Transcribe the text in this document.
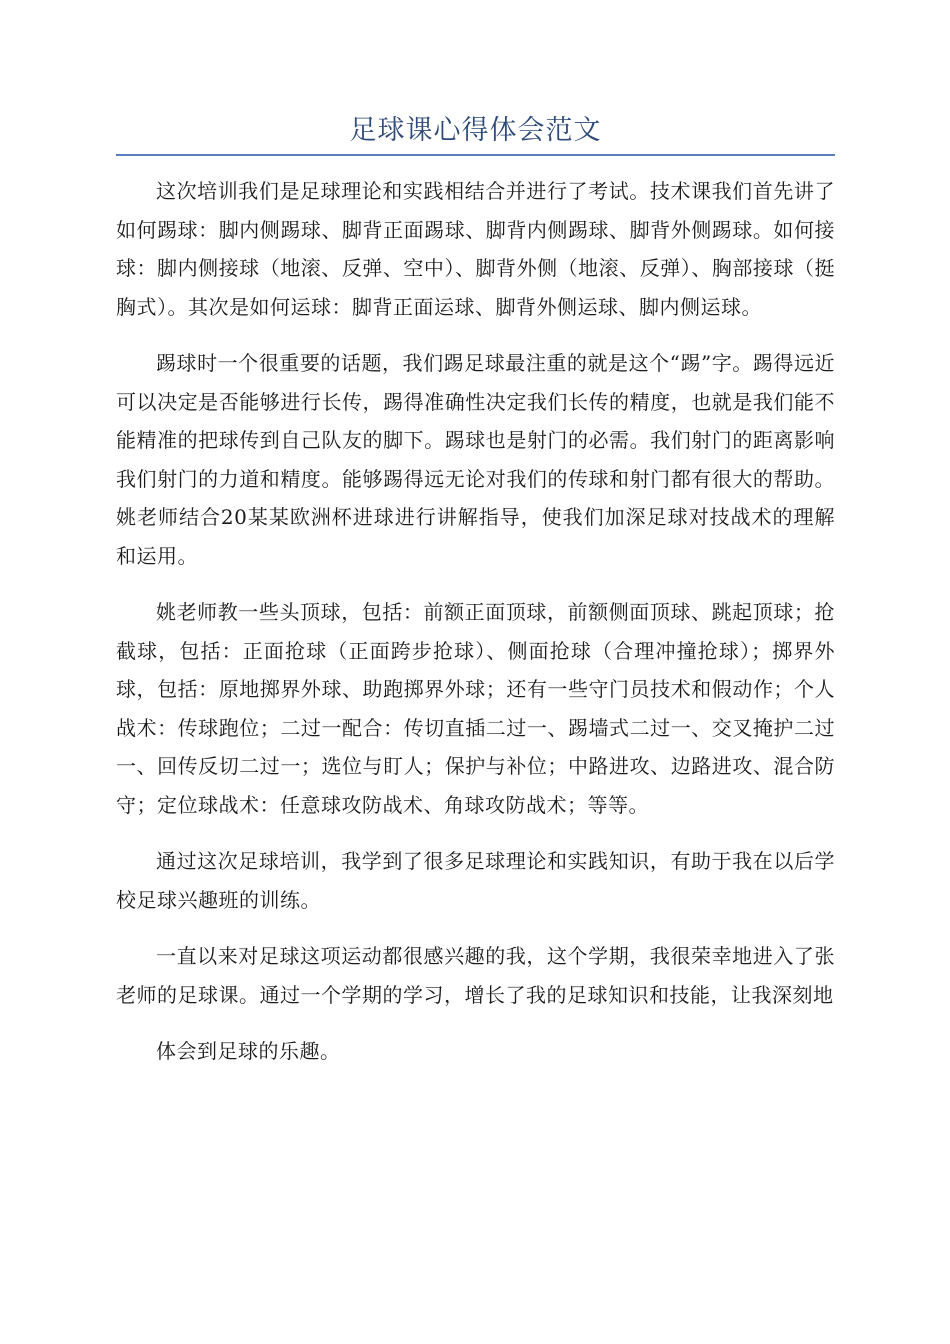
足球课心得体会范文

这次培训我们是足球理论和实践相结合并进行了考试。技术课我们首先讲了如何踢球：脚内侧踢球、脚背正面踢球、脚背内侧踢球、脚背外侧踢球。如何接球：脚内侧接球（地滚、反弹、空中）、脚背外侧（地滚、反弹）、胸部接球（挺胸式）。其次是如何运球：脚背正面运球、脚背外侧运球、脚内侧运球。

踢球时一个很重要的话题，我们踢足球最注重的就是这个“踢”字。踢得远近可以决定是否能够进行长传，踢得准确性决定我们长传的精度，也就是我们能不能精准的把球传到自己队友的脚下。踢球也是射门的必需。我们射门的距离影响我们射门的力道和精度。能够踢得远无论对我们的传球和射门都有很大的帮助。姚老师结合20某某欧洲杯进球进行讲解指导，使我们加深足球对技战术的理解和运用。

姚老师教一些头顶球，包括：前额正面顶球，前额侧面顶球、跳起顶球；抢截球，包括：正面抢球（正面跨步抢球）、侧面抢球（合理冲撞抢球）；掷界外球，包括：原地掷界外球、助跑掷界外球；还有一些守门员技术和假动作；个人战术：传球跑位；二过一配合：传切直插二过一、踢墙式二过一、交叉掩护二过一、回传反切二过一；选位与盯人；保护与补位；中路进攻、边路进攻、混合防守；定位球战术：任意球攻防战术、角球攻防战术；等等。

通过这次足球培训，我学到了很多足球理论和实践知识，有助于我在以后学校足球兴趣班的训练。

一直以来对足球这项运动都很感兴趣的我，这个学期，我很荣幸地进入了张老师的足球课。通过一个学期的学习，增长了我的足球知识和技能，让我深刻地

体会到足球的乐趣。
